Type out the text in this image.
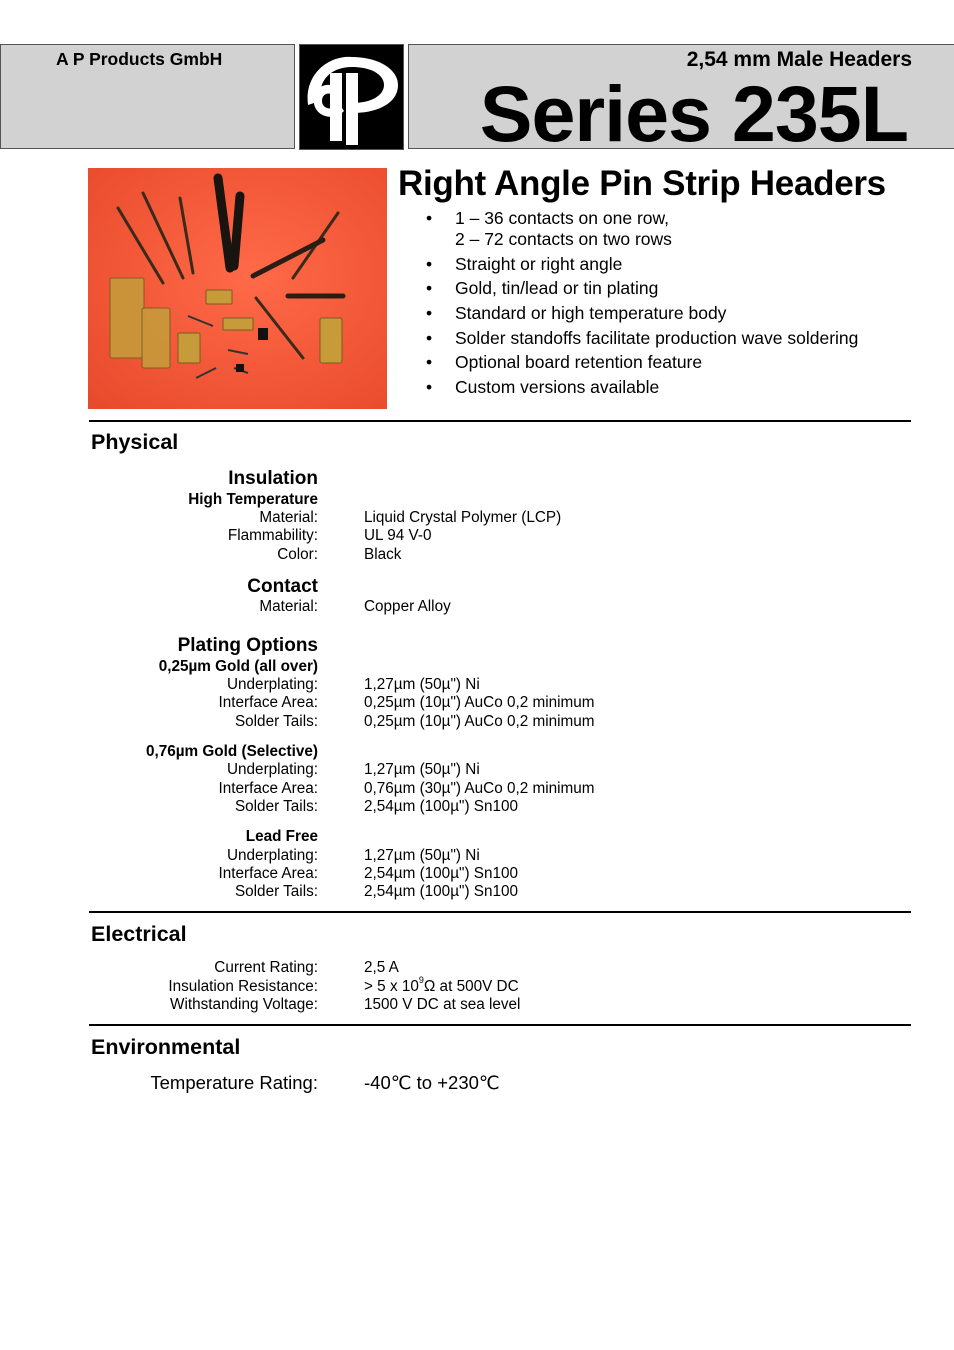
A P Products GmbH	2,54 mm Male Headers
Series 235L
Right Angle Pin Strip Headers
• 1 – 36 contacts on one row,
2 – 72 contacts on two rows
• Straight or right angle
• Gold, tin/lead or tin plating
• Standard or high temperature body
• Solder standoffs facilitate production wave soldering
• Optional board retention feature
• Custom versions available
Physical
Insulation
High Temperature
Material:	Liquid Crystal Polymer (LCP)
Flammability:	UL 94 V-0
Color:	Black
Contact
Material:	Copper Alloy
Plating Options
0,25µm Gold (all over)
Underplating:	1,27µm (50µ") Ni
Interface Area:	0,25µm (10µ") AuCo 0,2 minimum
Solder Tails:	0,25µm (10µ") AuCo 0,2 minimum
0,76µm Gold (Selective)
Underplating:	1,27µm (50µ") Ni
Interface Area:	0,76µm (30µ") AuCo 0,2 minimum
Solder Tails:	2,54µm (100µ") Sn100
Lead Free
Underplating:	1,27µm (50µ") Ni
Interface Area:	2,54µm (100µ") Sn100
Solder Tails:	2,54µm (100µ") Sn100
Electrical
Current Rating:	2,5 A
Insulation Resistance:	> 5 x $10^9\Omega$ at 500V DC
Withstanding Voltage:	1500 V DC at sea level
Environmental
Temperature Rating: -40℃ to +230℃
